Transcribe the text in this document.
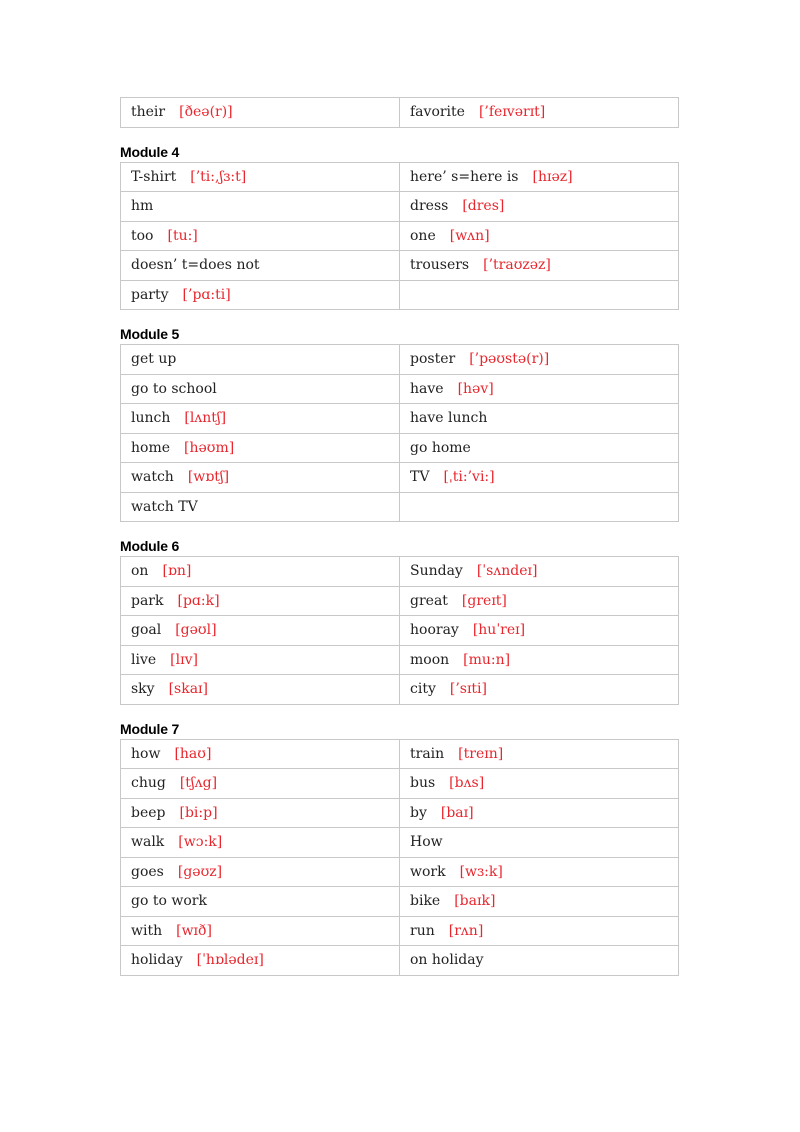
their [ðeə(r)]	favorite [’feɪvərɪt]
Module 4
T-shirt [’ti:,ʃɜ:t]	here’ s=here is [hɪəz]
hm	dress [dres]
too [tu:]	one [wʌn]
doesn’ t=does not	trousers [’traʊzəz]
party [’pɑ:ti]	
Module 5
get up	poster [’pəʊstə(r)]
go to school	have [həv]
lunch [lʌntʃ]	have lunch
home [həʊm]	go home
watch [wɒtʃ]	TV [ˌti:’vi:]
watch TV	
Module 6
on [ɒn]	Sunday [ˈsʌndeɪ]
park [pɑ:k]	great [greɪt]
goal [gəʊl]	hooray [huˈreɪ]
live [lɪv]	moon [mu:n]
sky [skaɪ]	city [’sɪti]
Module 7
how [haʊ]	train [treɪn]
chug [tʃʌg]	bus [bʌs]
beep [bi:p]	by [baɪ]
walk [wɔ:k]	How
goes [gəʊz]	work [wɜ:k]
go to work	bike [baɪk]
with [wɪð]	run [rʌn]
holiday [ˈhɒlədeɪ]	on holiday
